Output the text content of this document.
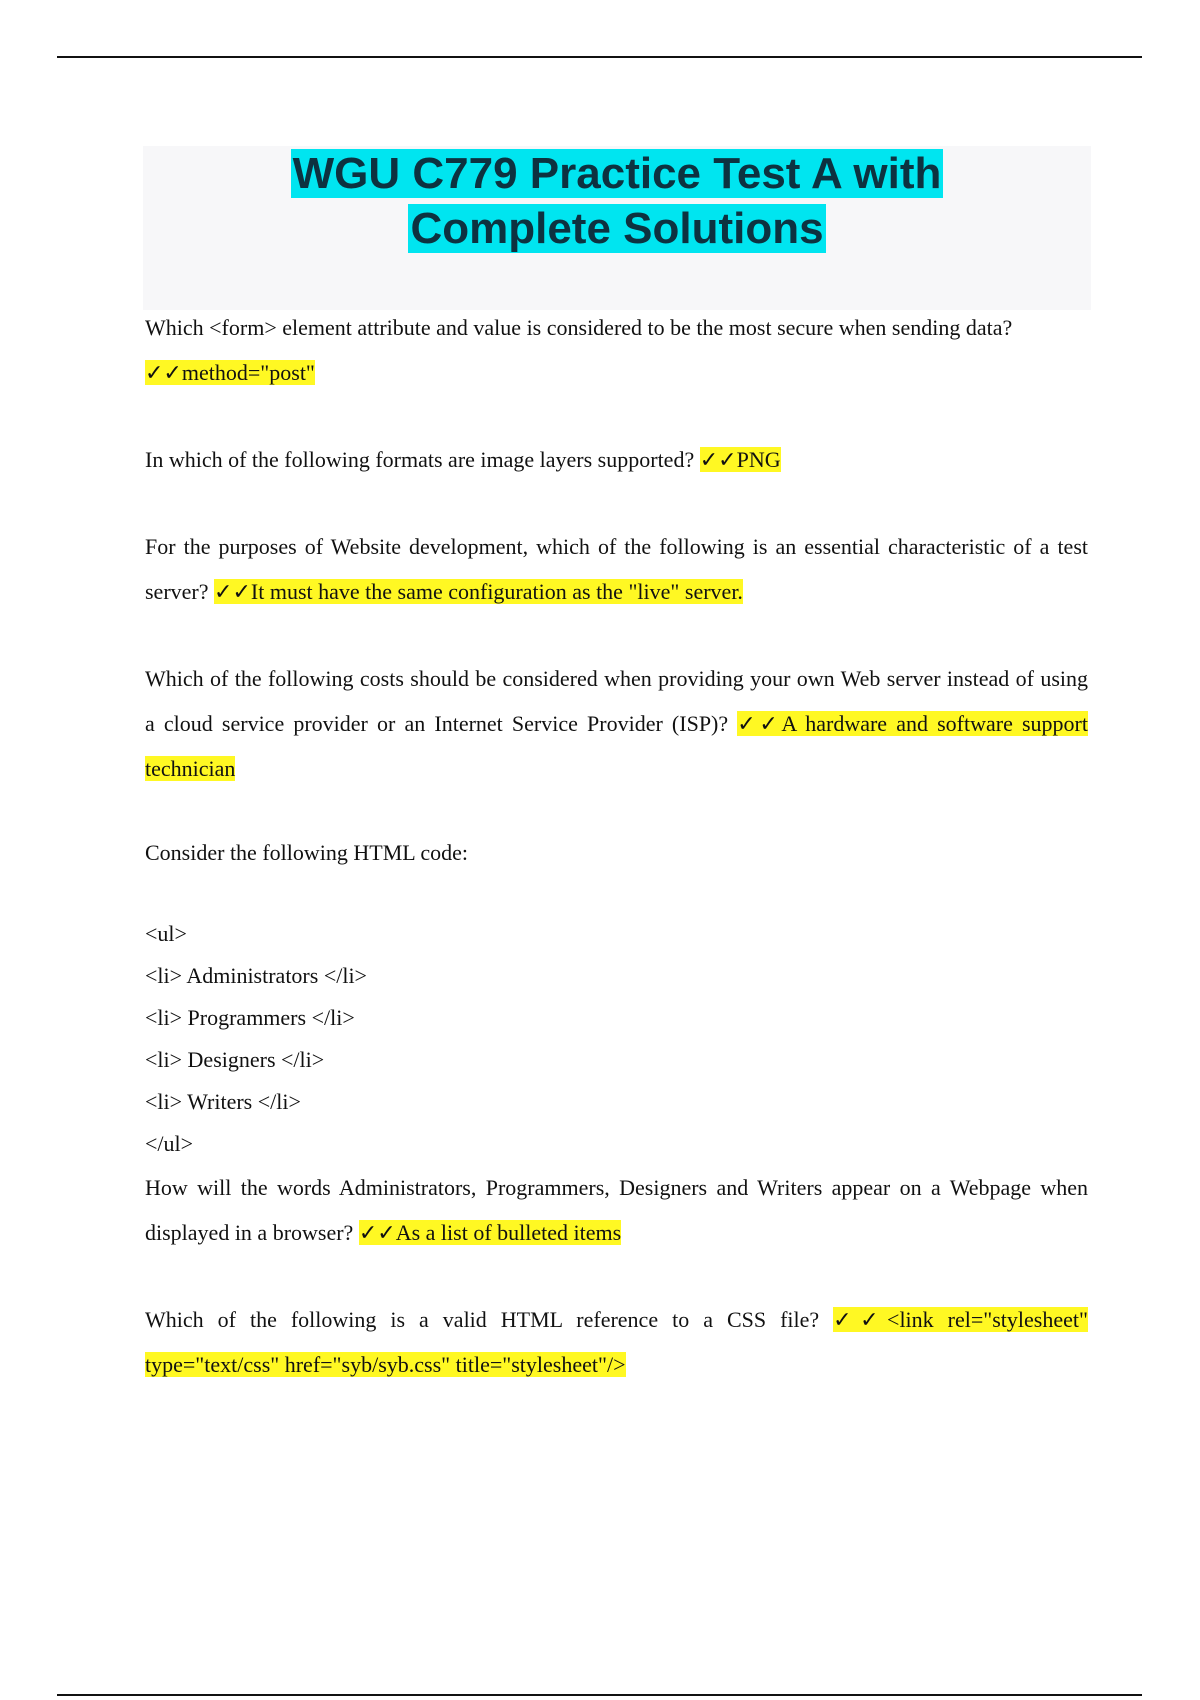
WGU C779 Practice Test A with
Complete Solutions

Which <form> element attribute and value is considered to be the most secure when sending data?
✓✓method="post"

In which of the following formats are image layers supported? ✓✓PNG

For the purposes of Website development, which of the following is an essential characteristic of a test server? ✓✓It must have the same configuration as the "live" server.

Which of the following costs should be considered when providing your own Web server instead of using a cloud service provider or an Internet Service Provider (ISP)? ✓✓A hardware and software support technician

Consider the following HTML code:

<ul>

<li> Administrators </li>

<li> Programmers </li>

<li> Designers </li>

<li> Writers </li>

</ul>

How will the words Administrators, Programmers, Designers and Writers appear on a Webpage when displayed in a browser? ✓✓As a list of bulleted items

Which of the following is a valid HTML reference to a CSS file? ✓✓<link rel="stylesheet" type="text/css" href="syb/syb.css" title="stylesheet"/>
